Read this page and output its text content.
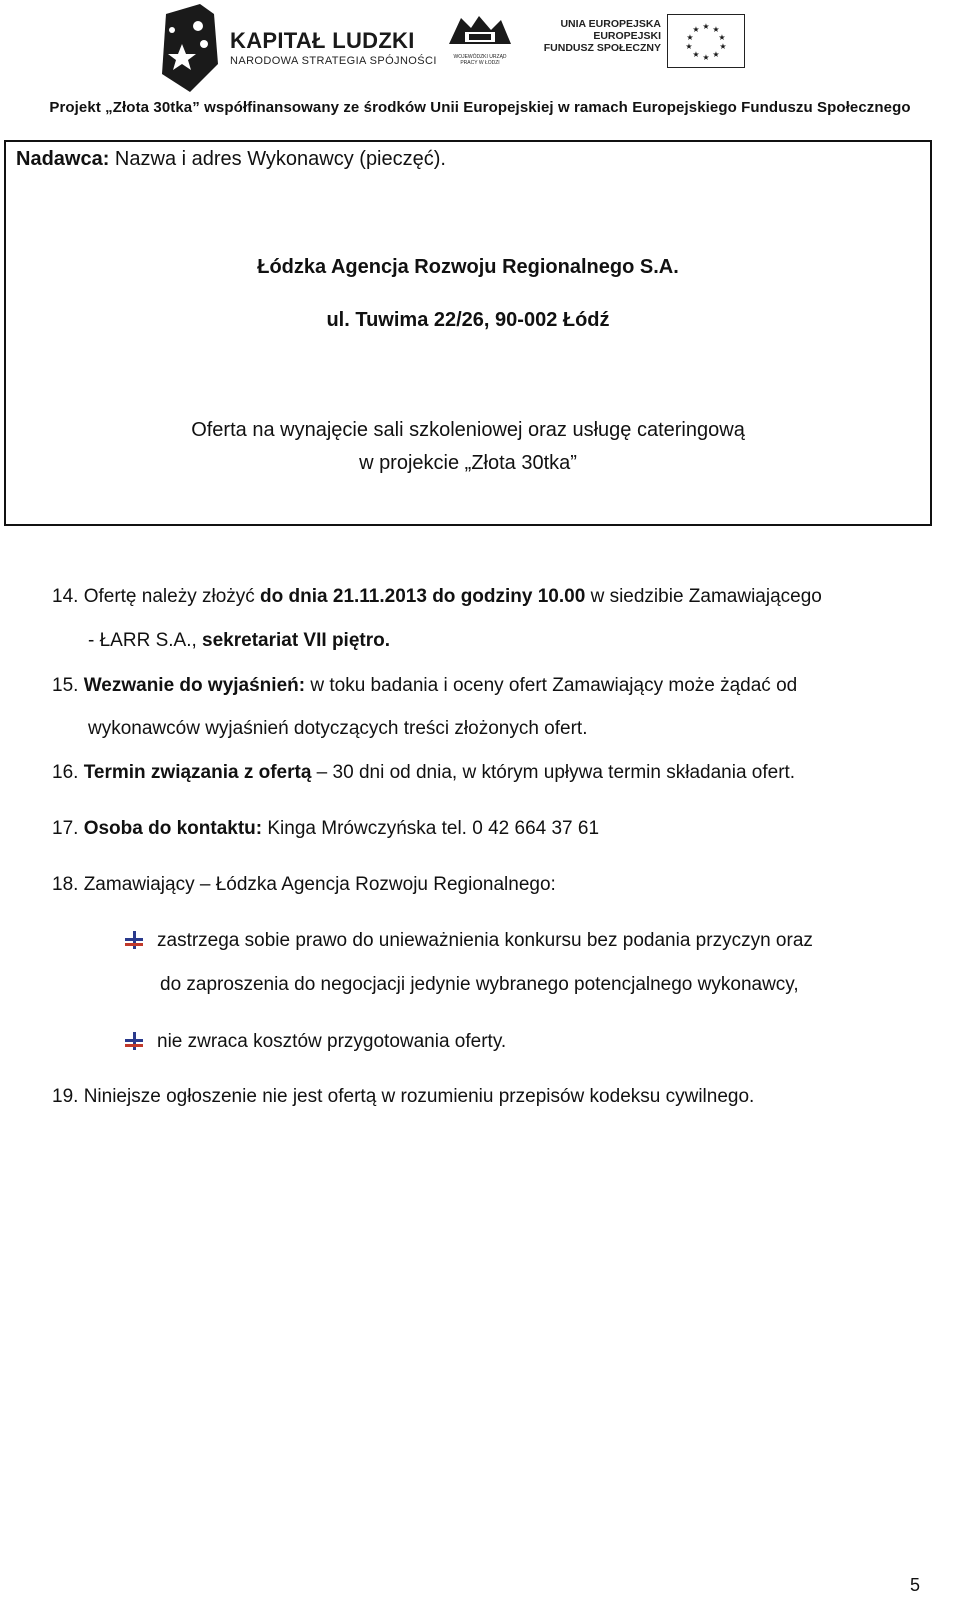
KAPITAŁ LUDZKI
NARODOWA STRATEGIA SPÓJNOŚCI	WOJEWÓDZKI URZĄD PRACY W ŁODZI
UNIA EUROPEJSKA
EUROPEJSKI
FUNDUSZ SPOŁECZNY
★ ★
★
★
★
★
★
★
★
★
Projekt „Złota 30tka” współfinansowany ze środków Unii Europejskiej w ramach Europejskiego Funduszu Społecznego
Nadawca: Nazwa i adres Wykonawcy (pieczęć).
Łódzka Agencja Rozwoju Regionalnego S.A.
ul. Tuwima 22/26, 90-002 Łódź
Oferta na wynajęcie sali szkoleniowej oraz usługę cateringową
w projekcie „Złota 30tka”
14. Ofertę należy złożyć do dnia 21.11.2013 do godziny 10.00 w siedzibie Zamawiającego
- ŁARR S.A., sekretariat VII piętro.
15. Wezwanie do wyjaśnień: w toku badania i oceny ofert Zamawiający może żądać od
wykonawców wyjaśnień dotyczących treści złożonych ofert.
16. Termin związania z ofertą – 30 dni od dnia, w którym upływa termin składania ofert.
17. Osoba do kontaktu: Kinga Mrówczyńska tel. 0 42 664 37 61
18. Zamawiający – Łódzka Agencja Rozwoju Regionalnego:
zastrzega sobie prawo do unieważnienia konkursu bez podania przyczyn oraz
do zaproszenia do negocjacji jedynie wybranego potencjalnego wykonawcy,
nie zwraca kosztów przygotowania oferty.
19. Niniejsze ogłoszenie nie jest ofertą w rozumieniu przepisów kodeksu cywilnego.
5
